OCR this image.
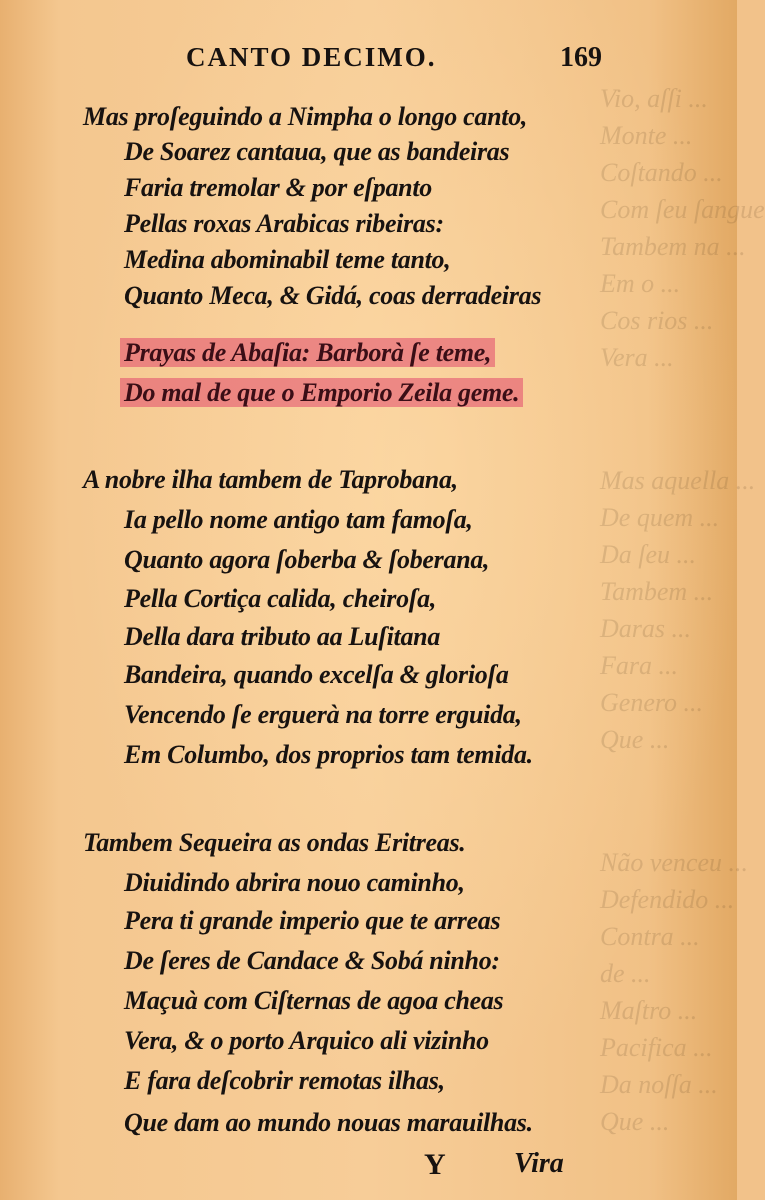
Vio, aſſi ...
Monte ...
Coſtando ...
Com ſeu ſangue
Tambem na ...
Em o ...
Cos rios ...
Vera ...
Mas aquella ...
De quem ...
Da ſeu ...
Tambem ...
Daras ...
Fara ...
Genero ...
Que ...
Não venceu ...
Defendido ...
Contra ...
de ...
Maſtro ...
Pacifica ...
Da noſſa ...
Que ...
CANTO DECIMO.	169
Mas proſeguindo a Nimpha o longo canto,
De Soarez cantaua, que as bandeiras
Faria tremolar & por eſpanto
Pellas roxas Arabicas ribeiras:
Medina abominabil teme tanto,
Quanto Meca, & Gidá, coas derradeiras
Prayas de Abaſia: Barborà ſe teme,
Do mal de que o Emporio Zeila geme.
A nobre ilha tambem de Taprobana,
Ia pello nome antigo tam famoſa,
Quanto agora ſoberba & ſoberana,
Pella Cortiça calida, cheiroſa,
Della dara tributo aa Luſitana
Bandeira, quando excelſa & glorioſa
Vencendo ſe erguerà na torre erguida,
Em Columbo, dos proprios tam temida.
Tambem Sequeira as ondas Eritreas.
Diuidindo abrira nouo caminho,
Pera ti grande imperio que te arreas
De ſeres de Candace & Sobá ninho:
Maçuà com Ciſternas de agoa cheas
Vera, & o porto Arquico ali vizinho
E fara deſcobrir remotas ilhas,
Que dam ao mundo nouas marauilhas.
Y Vira
